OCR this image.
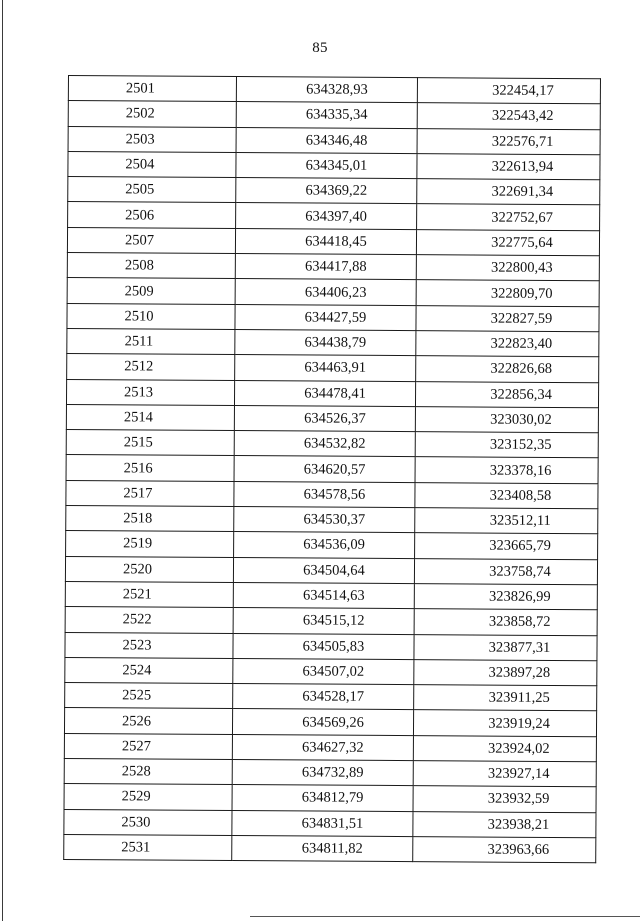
85
2501	634328,93	322454,17
2502	634335,34	322543,42
2503	634346,48	322576,71
2504	634345,01	322613,94
2505	634369,22	322691,34
2506	634397,40	322752,67
2507	634418,45	322775,64
2508	634417,88	322800,43
2509	634406,23	322809,70
2510	634427,59	322827,59
2511	634438,79	322823,40
2512	634463,91	322826,68
2513	634478,41	322856,34
2514	634526,37	323030,02
2515	634532,82	323152,35
2516	634620,57	323378,16
2517	634578,56	323408,58
2518	634530,37	323512,11
2519	634536,09	323665,79
2520	634504,64	323758,74
2521	634514,63	323826,99
2522	634515,12	323858,72
2523	634505,83	323877,31
2524	634507,02	323897,28
2525	634528,17	323911,25
2526	634569,26	323919,24
2527	634627,32	323924,02
2528	634732,89	323927,14
2529	634812,79	323932,59
2530	634831,51	323938,21
2531	634811,82	323963,66
